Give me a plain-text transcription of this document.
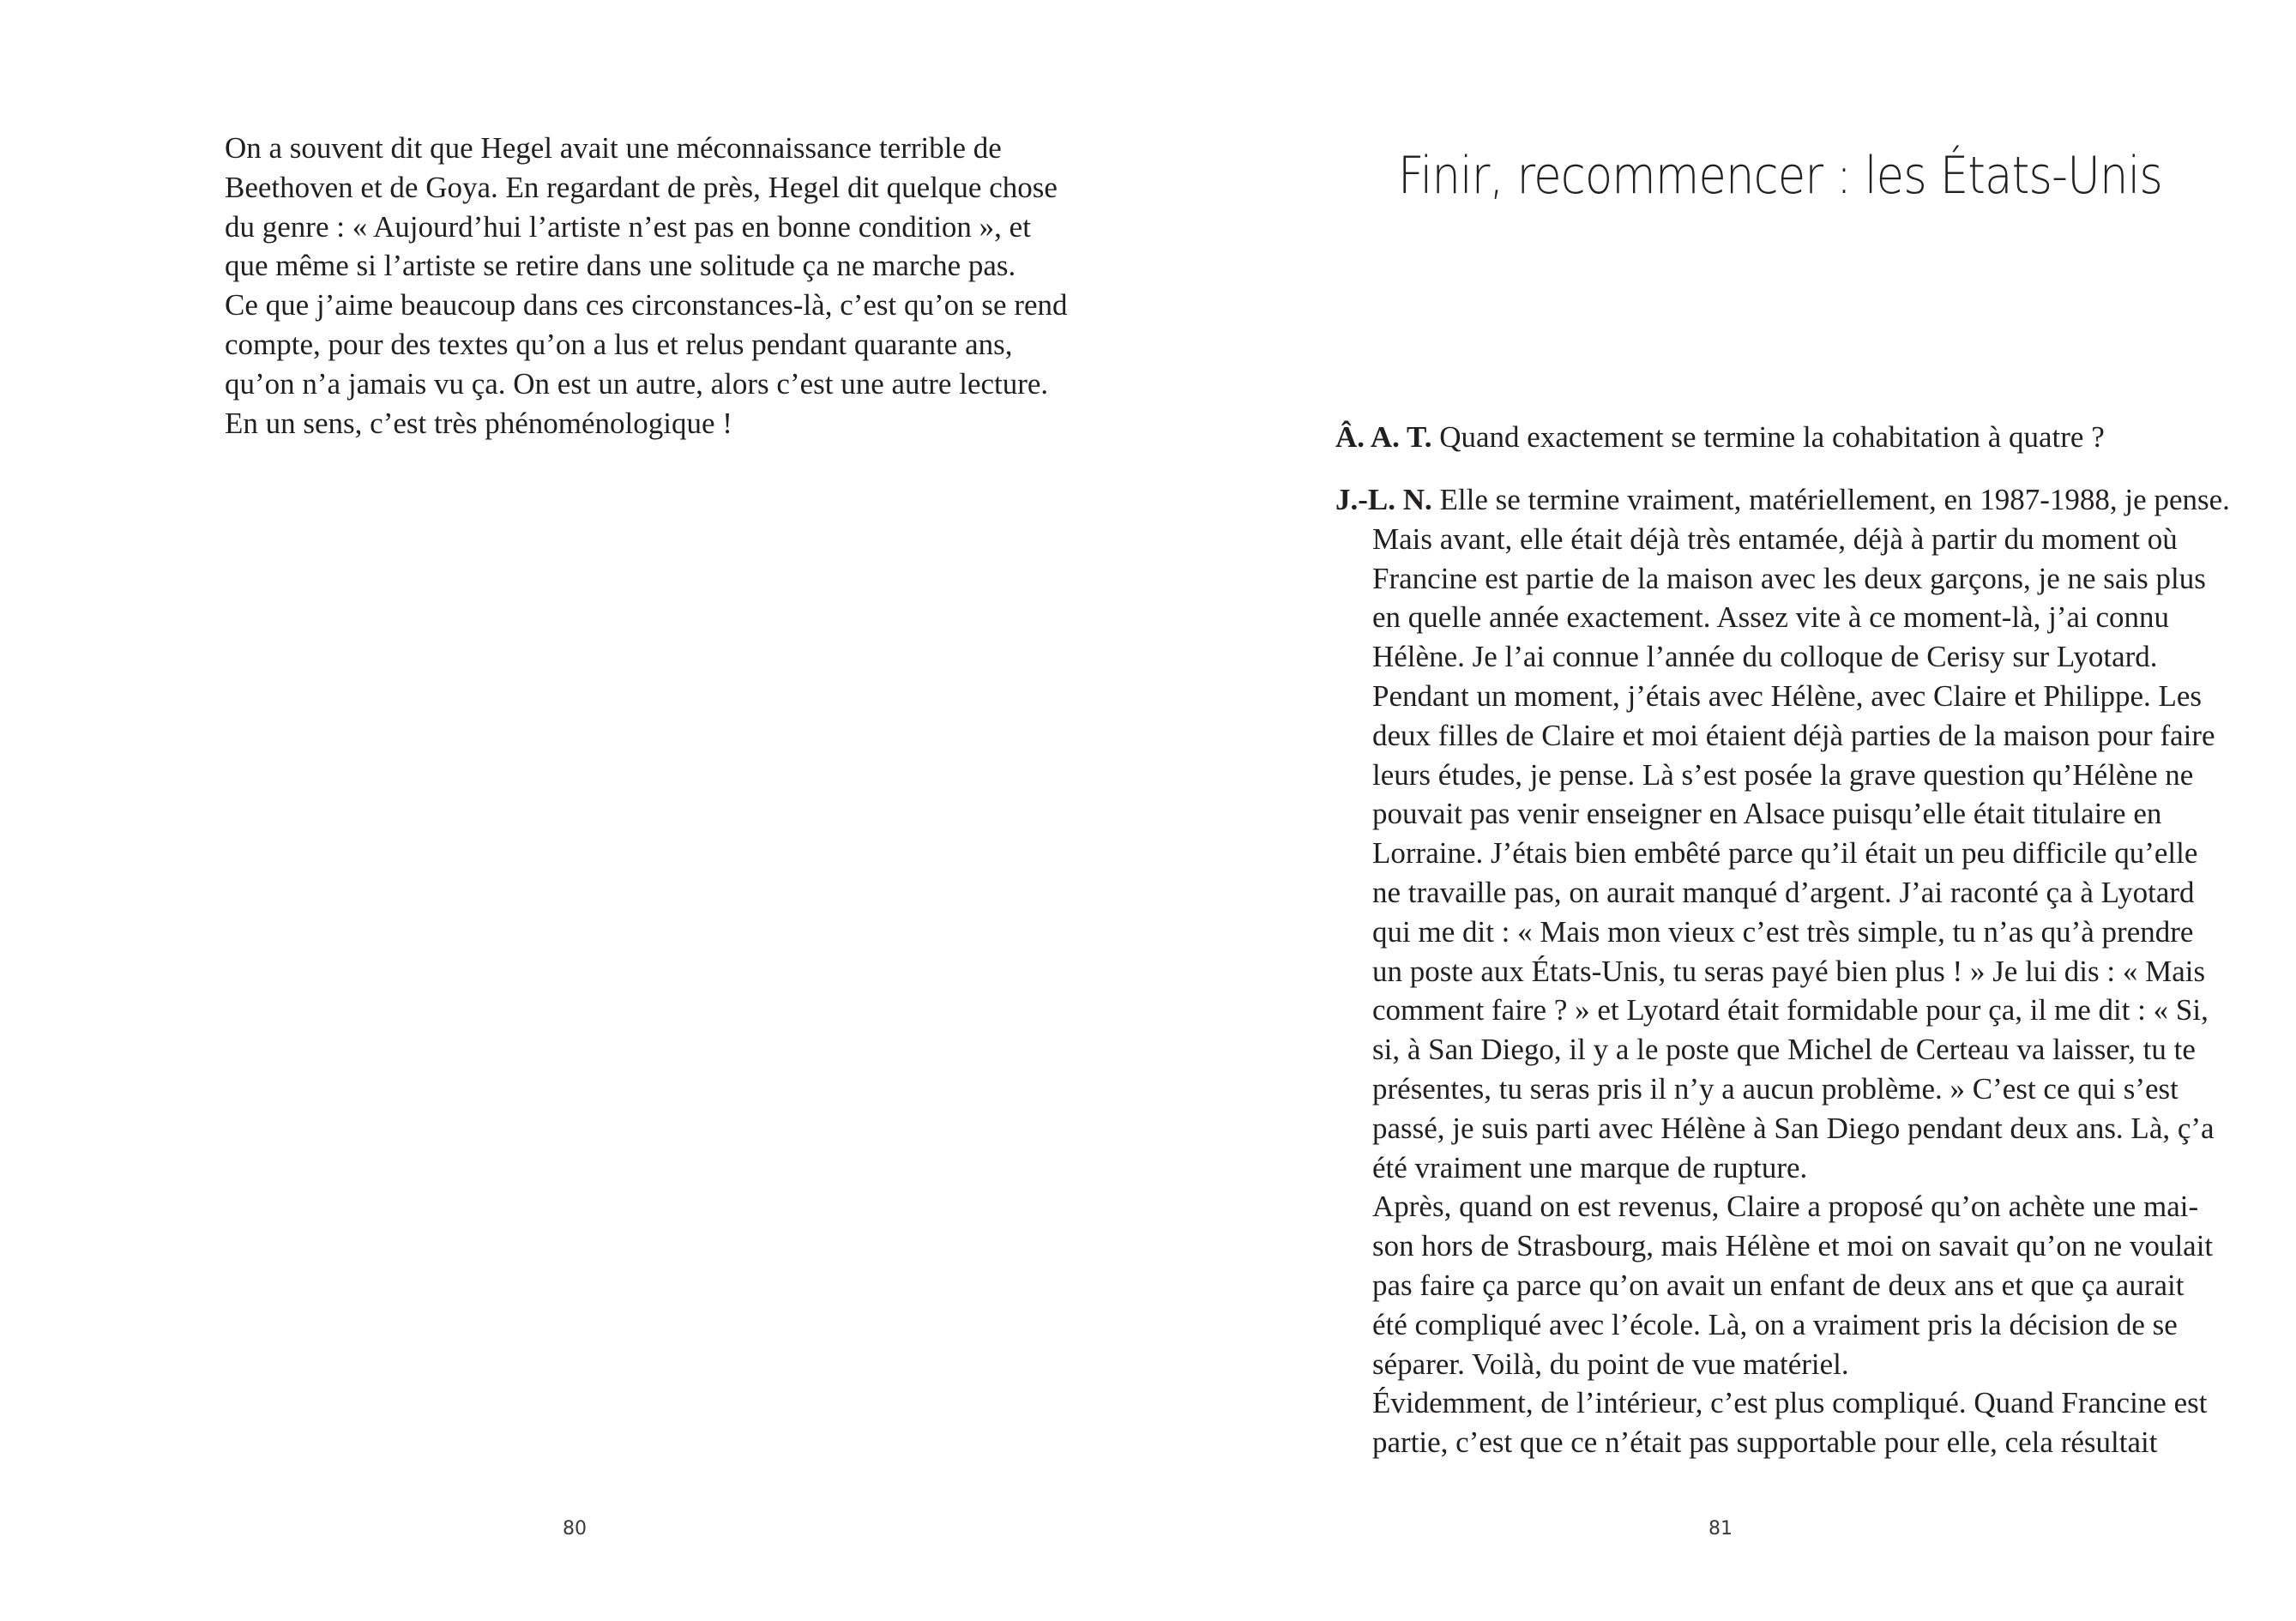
On a souvent dit que Hegel avait une méconnaissance terrible de
Beethoven et de Goya. En regardant de près, Hegel dit quelque chose
du genre : « Aujourd’hui l’artiste n’est pas en bonne condition », et
que même si l’artiste se retire dans une solitude ça ne marche pas.
Ce que j’aime beaucoup dans ces circonstances-là, c’est qu’on se rend
compte, pour des textes qu’on a lus et relus pendant quarante ans,
qu’on n’a jamais vu ça. On est un autre, alors c’est une autre lecture.
En un sens, c’est très phénoménologique !
80
Finir, recommencer : les États-Unis
Â. A. T. Quand exactement se termine la cohabitation à quatre ?
J.-L. N. Elle se termine vraiment, matériellement, en 1987-1988, je pense.
Mais avant, elle était déjà très entamée, déjà à partir du moment où
Francine est partie de la maison avec les deux garçons, je ne sais plus
en quelle année exactement. Assez vite à ce moment-là, j’ai connu
Hélène. Je l’ai connue l’année du colloque de Cerisy sur Lyotard.
Pendant un moment, j’étais avec Hélène, avec Claire et Philippe. Les
deux filles de Claire et moi étaient déjà parties de la maison pour faire
leurs études, je pense. Là s’est posée la grave question qu’Hélène ne
pouvait pas venir enseigner en Alsace puisqu’elle était titulaire en
Lorraine. J’étais bien embêté parce qu’il était un peu difficile qu’elle
ne travaille pas, on aurait manqué d’argent. J’ai raconté ça à Lyotard
qui me dit : « Mais mon vieux c’est très simple, tu n’as qu’à prendre
un poste aux États-Unis, tu seras payé bien plus ! » Je lui dis : « Mais
comment faire ? » et Lyotard était formidable pour ça, il me dit : « Si,
si, à San Diego, il y a le poste que Michel de Certeau va laisser, tu te
présentes, tu seras pris il n’y a aucun problème. » C’est ce qui s’est
passé, je suis parti avec Hélène à San Diego pendant deux ans. Là, ç’a
été vraiment une marque de rupture.
Après, quand on est revenus, Claire a proposé qu’on achète une mai-
son hors de Strasbourg, mais Hélène et moi on savait qu’on ne voulait
pas faire ça parce qu’on avait un enfant de deux ans et que ça aurait
été compliqué avec l’école. Là, on a vraiment pris la décision de se
séparer. Voilà, du point de vue matériel.
Évidemment, de l’intérieur, c’est plus compliqué. Quand Francine est
partie, c’est que ce n’était pas supportable pour elle, cela résultait
81
